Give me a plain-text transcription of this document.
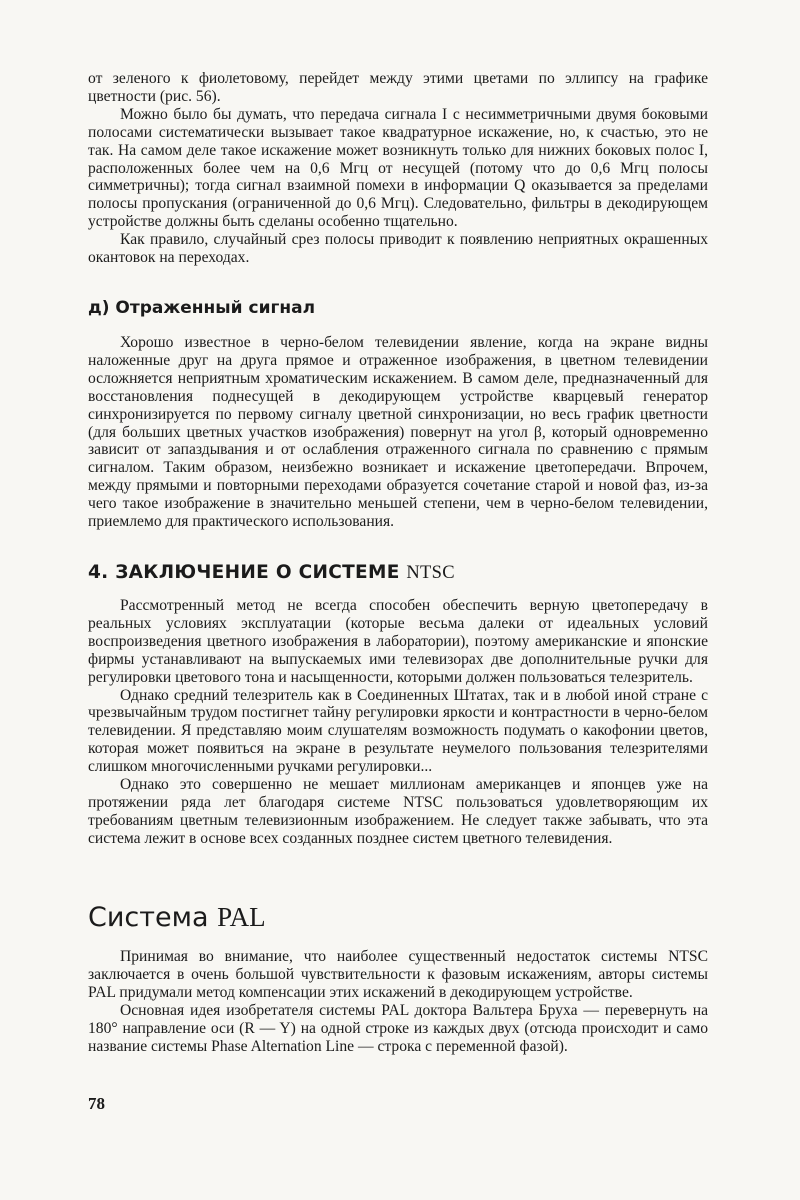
от зеленого к фиолетовому, перейдет между этими цветами по эллипсу на графике цветности (рис. 56).

Можно было бы думать, что передача сигнала I с несимметричными двумя боковыми полосами систематически вызывает такое квадратурное искажение, но, к счастью, это не так. На самом деле такое искажение может возникнуть только для нижних боковых полос I, расположенных более чем на 0,6 Мгц от несущей (потому что до 0,6 Мгц полосы симметричны); тогда сигнал взаимной помехи в информации Q оказывается за пределами полосы пропускания (ограниченной до 0,6 Мгц). Следовательно, фильтры в декодирующем устройстве должны быть сделаны особенно тщательно.

Как правило, случайный срез полосы приводит к появлению неприятных окрашенных окантовок на переходах.

д) Отраженный сигнал

Хорошо известное в черно-белом телевидении явление, когда на экране видны наложенные друг на друга прямое и отраженное изображения, в цветном телевидении осложняется неприятным хроматическим искажением. В самом деле, предназначенный для восстановления поднесущей в декодирующем устройстве кварцевый генератор синхронизируется по первому сигналу цветной синхронизации, но весь график цветности (для больших цветных участков изображения) повернут на угол β, который одновременно зависит от запаздывания и от ослабления отраженного сигнала по сравнению с прямым сигналом. Таким образом, неизбежно возникает и искажение цветопередачи. Впрочем, между прямыми и повторными переходами образуется сочетание старой и новой фаз, из-за чего такое изображение в значительно меньшей степени, чем в черно-белом телевидении, приемлемо для практического использования.

4. ЗАКЛЮЧЕНИЕ О СИСТЕМЕ NTSC

Рассмотренный метод не всегда способен обеспечить верную цветопередачу в реальных условиях эксплуатации (которые весьма далеки от идеальных условий воспроизведения цветного изображения в лаборатории), поэтому американские и японские фирмы устанавливают на выпускаемых ими телевизорах две дополнительные ручки для регулировки цветового тона и насыщенности, которыми должен пользоваться телезритель.

Однако средний телезритель как в Соединенных Штатах, так и в любой иной стране с чрезвычайным трудом постигнет тайну регулировки яркости и контрастности в черно-белом телевидении. Я представляю моим слушателям возможность подумать о какофонии цветов, которая может появиться на экране в результате неумелого пользования телезрителями слишком многочисленными ручками регулировки...

Однако это совершенно не мешает миллионам американцев и японцев уже на протяжении ряда лет благодаря системе NTSC пользоваться удовлетворяющим их требованиям цветным телевизионным изображением. Не следует также забывать, что эта система лежит в основе всех созданных позднее систем цветного телевидения.

Система PAL

Принимая во внимание, что наиболее существенный недостаток системы NTSC заключается в очень большой чувствительности к фазовым искажениям, авторы системы PAL придумали метод компенсации этих искажений в декодирующем устройстве.

Основная идея изобретателя системы PAL доктора Вальтера Бруха — перевернуть на 180° направление оси (R — Y) на одной строке из каждых двух (отсюда происходит и само название системы Phase Alternation Line — строка с переменной фазой).

78
